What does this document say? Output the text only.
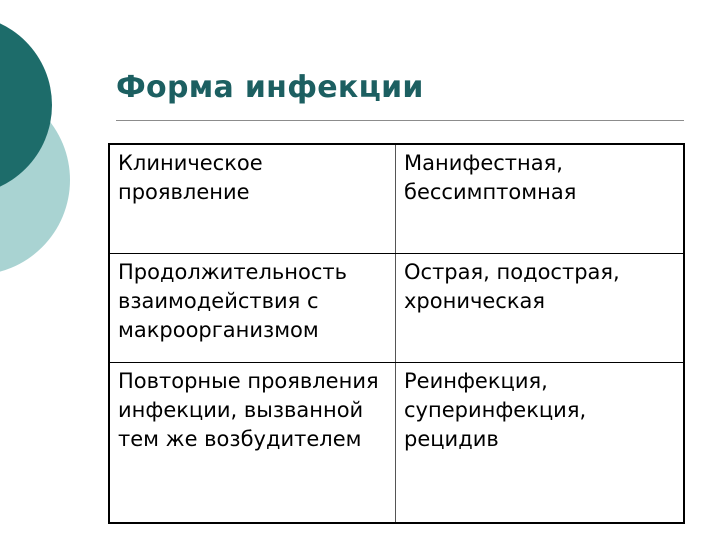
Форма инфекции
Клиническое проявление	Манифестная, бессимптомная
Продолжительность взаимодействия с макроорганизмом	Острая, подострая, хроническая
Повторные проявления инфекции, вызванной тем же возбудителем	Реинфекция, суперинфекция, рецидив
